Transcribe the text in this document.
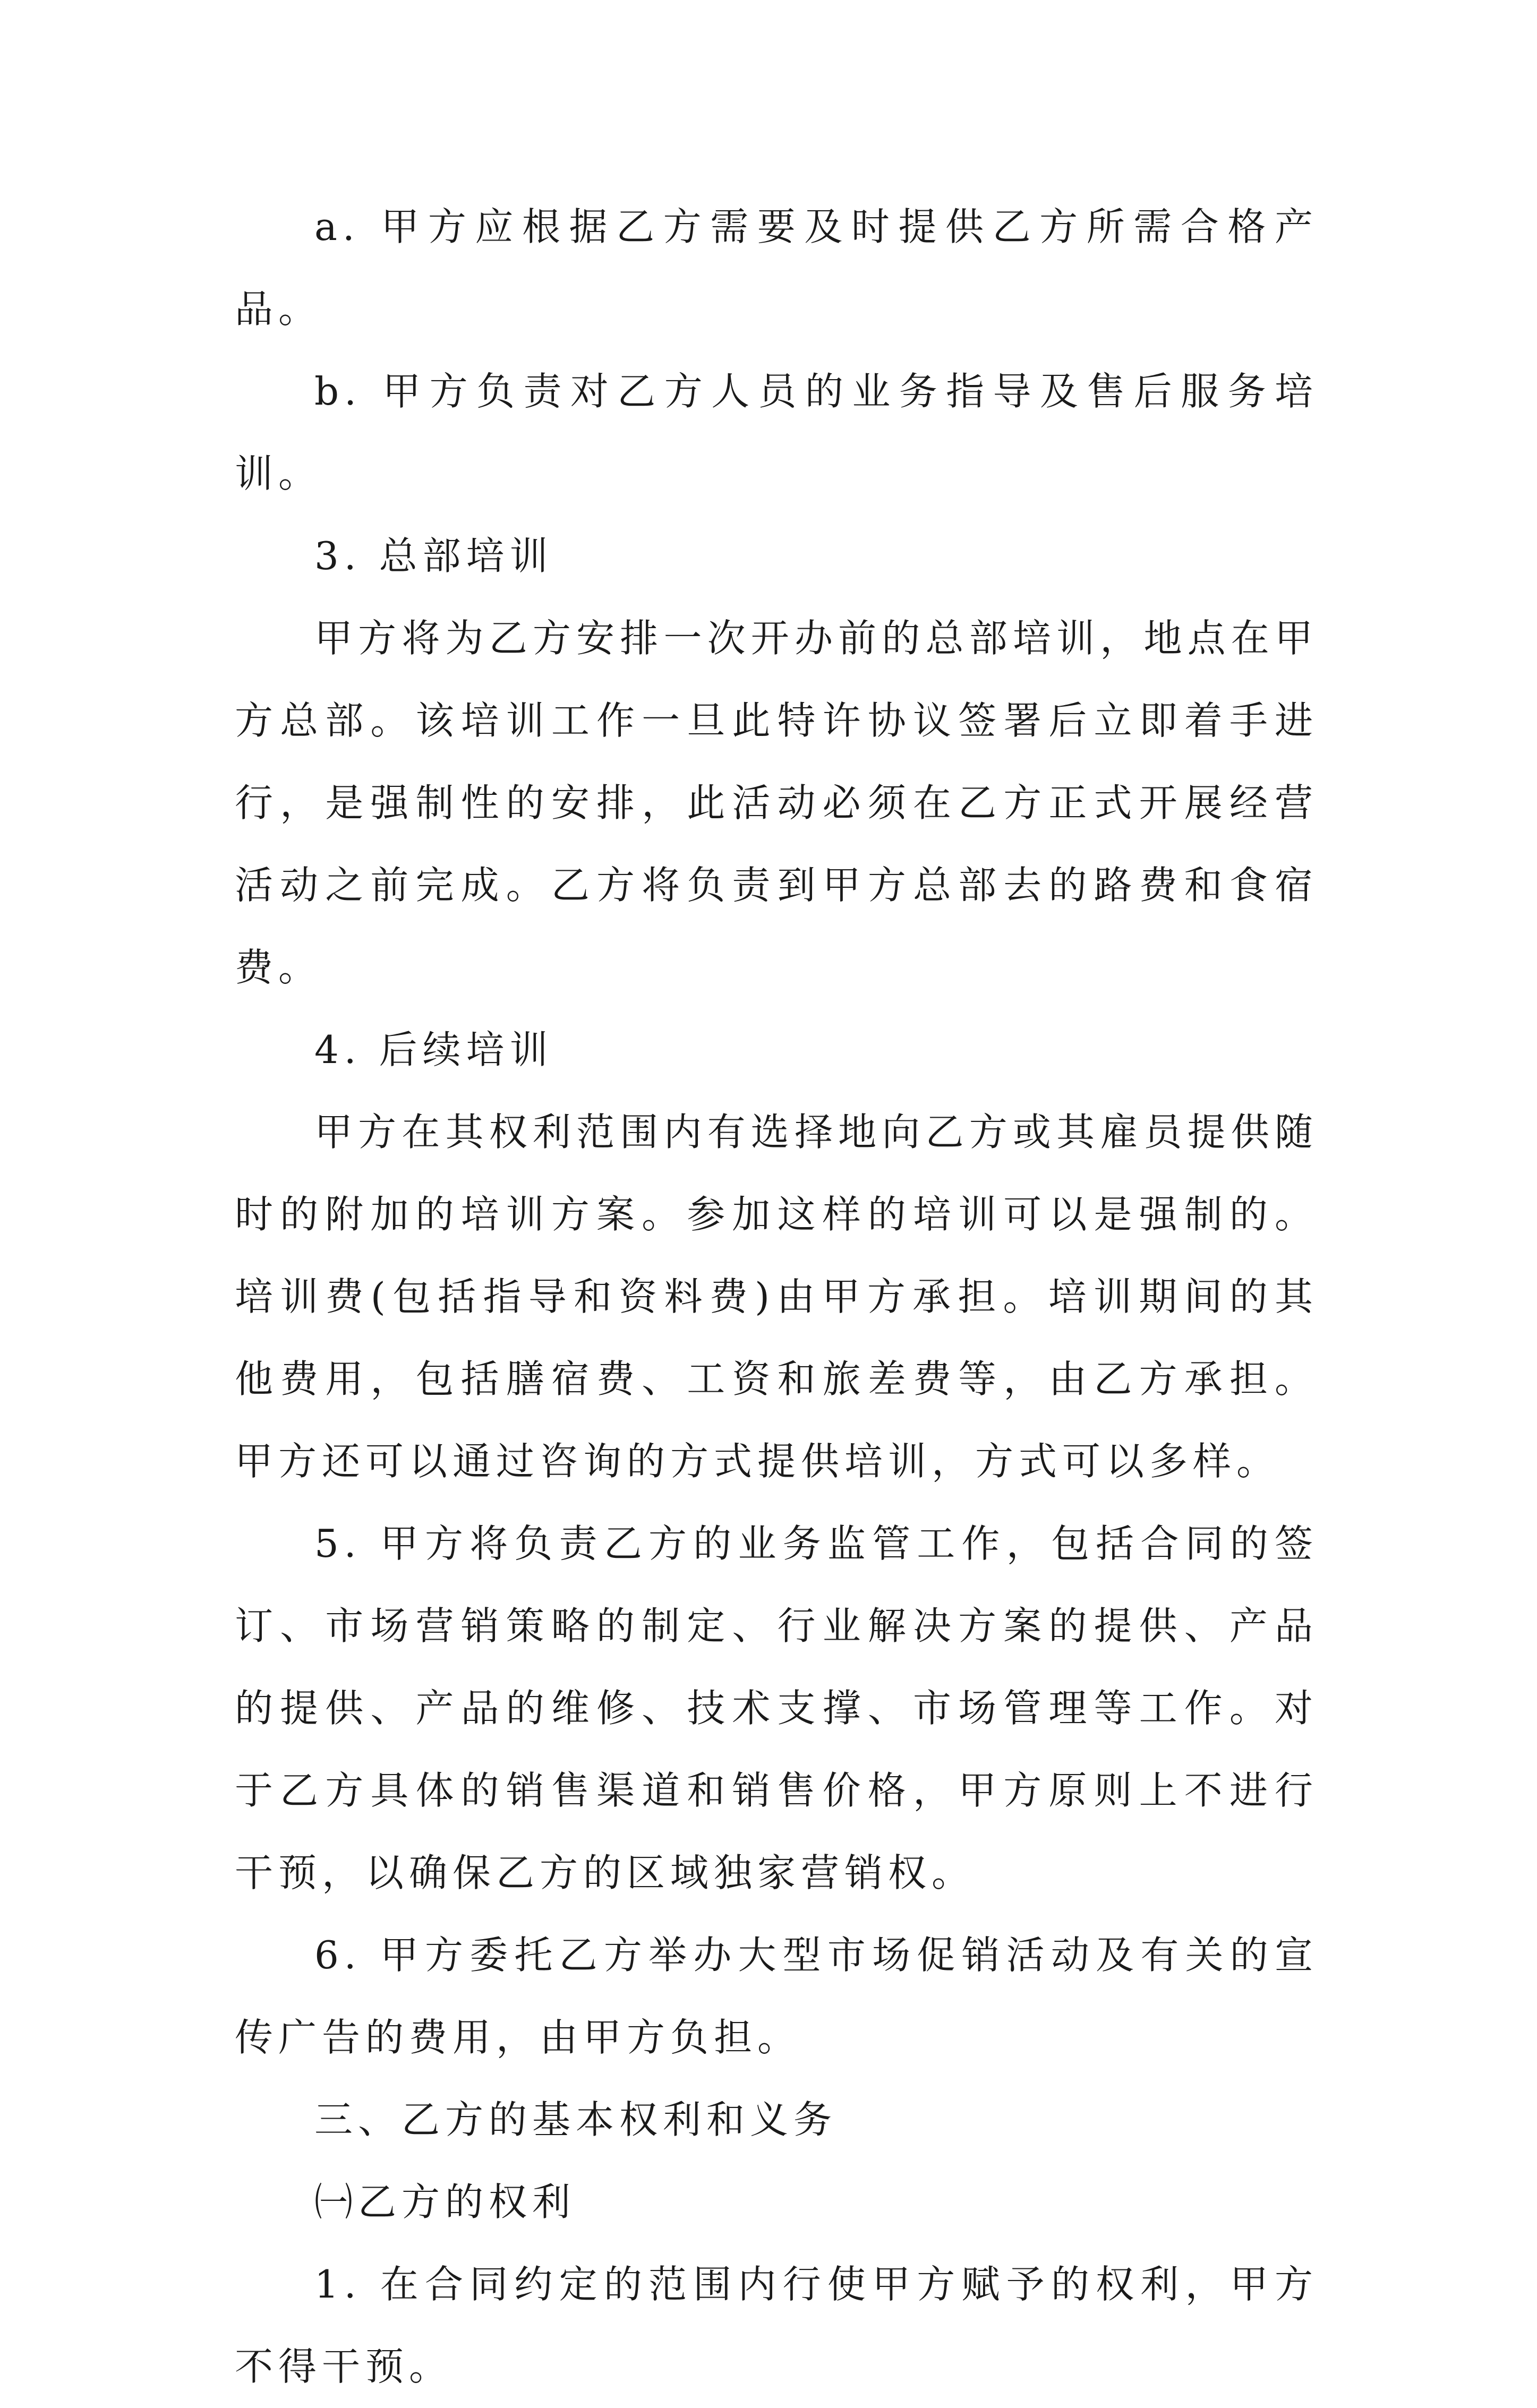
a. 甲方应根据乙方需要及时提供乙方所需合格产品。

b. 甲方负责对乙方人员的业务指导及售后服务培训。

3. 总部培训

甲方将为乙方安排一次开办前的总部培训，地点在甲方总部。该培训工作一旦此特许协议签署后立即着手进行，是强制性的安排，此活动必须在乙方正式开展经营活动之前完成。乙方将负责到甲方总部去的路费和食宿费。

4. 后续培训

甲方在其权利范围内有选择地向乙方或其雇员提供随时的附加的培训方案。参加这样的培训可以是强制的。培训费(包括指导和资料费)由甲方承担。培训期间的其他费用，包括膳宿费、工资和旅差费等，由乙方承担。甲方还可以通过咨询的方式提供培训，方式可以多样。

5. 甲方将负责乙方的业务监管工作，包括合同的签订、市场营销策略的制定、行业解决方案的提供、产品的提供、产品的维修、技术支撑、市场管理等工作。对于乙方具体的销售渠道和销售价格，甲方原则上不进行干预，以确保乙方的区域独家营销权。

6. 甲方委托乙方举办大型市场促销活动及有关的宣传广告的费用，由甲方负担。

三、乙方的基本权利和义务

㈠乙方的权利

1. 在合同约定的范围内行使甲方赋予的权利，甲方不得干预。
